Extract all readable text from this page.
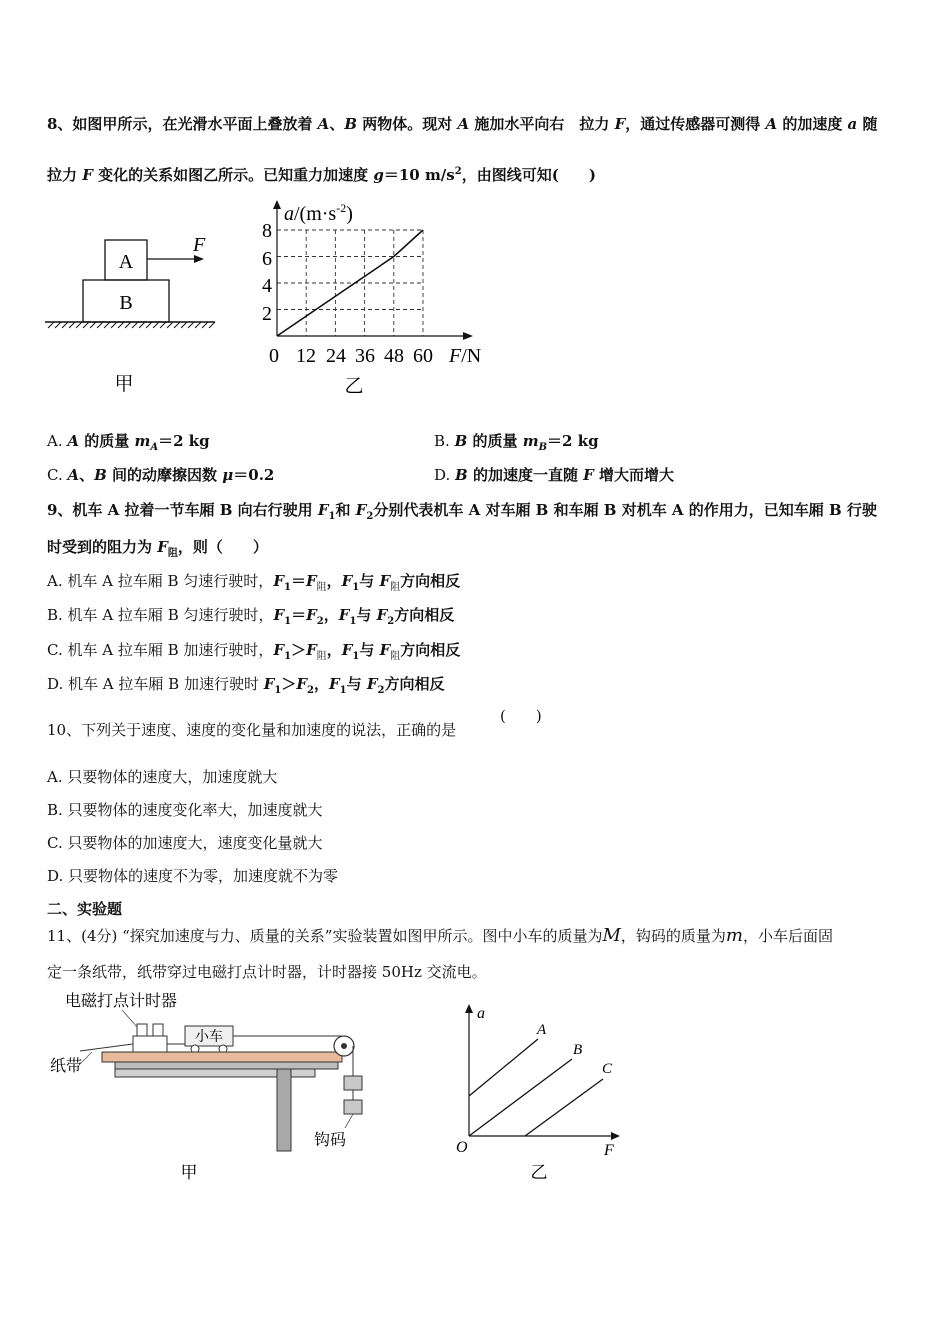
8、如图甲所示，在光滑水平面上叠放着 A、B 两物体。现对 A 施加水平向右　拉力 F，通过传感器可测得 A 的加速度 a 随
拉力 F 变化的关系如图乙所示。已知重力加速度 g＝10 $m/s^2$，由图线可知(　　)
A
B
F
甲
$a/(m\cdot s^{-2})$
8
6
4
2
0 12 24 36 48 60 F/N
乙
A. A 的质量 $m_A=2$ kg	B. B 的质量 $m_B=2$ kg
C. A、B 间的动摩擦因数 μ＝0.2	D. B 的加速度一直随 F 增大而增大
9、机车 A 拉着一节车厢 B 向右行驶用 $F_1$和 $F_2$分别代表机车 A 对车厢 B 和车厢 B 对机车 A 的作用力，已知车厢 B 行驶
时受到的阻力为 $F_阻$，则（　　）
A. 机车 A 拉车厢 B 匀速行驶时，$F_1=F_阻$，$F_1$与 $F_阻$方向相反
B. 机车 A 拉车厢 B 匀速行驶时，$F_1=F_2$，$F_1$与 $F_2$方向相反
C. 机车 A 拉车厢 B 加速行驶时，$F_1>F_阻$，$F_1$与 $F_阻$方向相反
D. 机车 A 拉车厢 B 加速行驶时 $F_1>F_2$，$F_1$与 $F_2$方向相反
10、下列关于速度、速度的变化量和加速度的说法，正确的是
(　　)
A. 只要物体的速度大，加速度就大
B. 只要物体的速度变化率大，加速度就大
C. 只要物体的加速度大，速度变化量就大
D. 只要物体的速度不为零，加速度就不为零
二、实验题
11、(4分) “探究加速度与力、质量的关系”实验装置如图甲所示。图中小车的质量为M，钩码的质量为m，小车后面固
定一条纸带，纸带穿过电磁打点计时器，计时器接 50Hz 交流电。
电磁打点计时器
小车
纸带
钩码
甲
a
F
O
A
B
C
乙
